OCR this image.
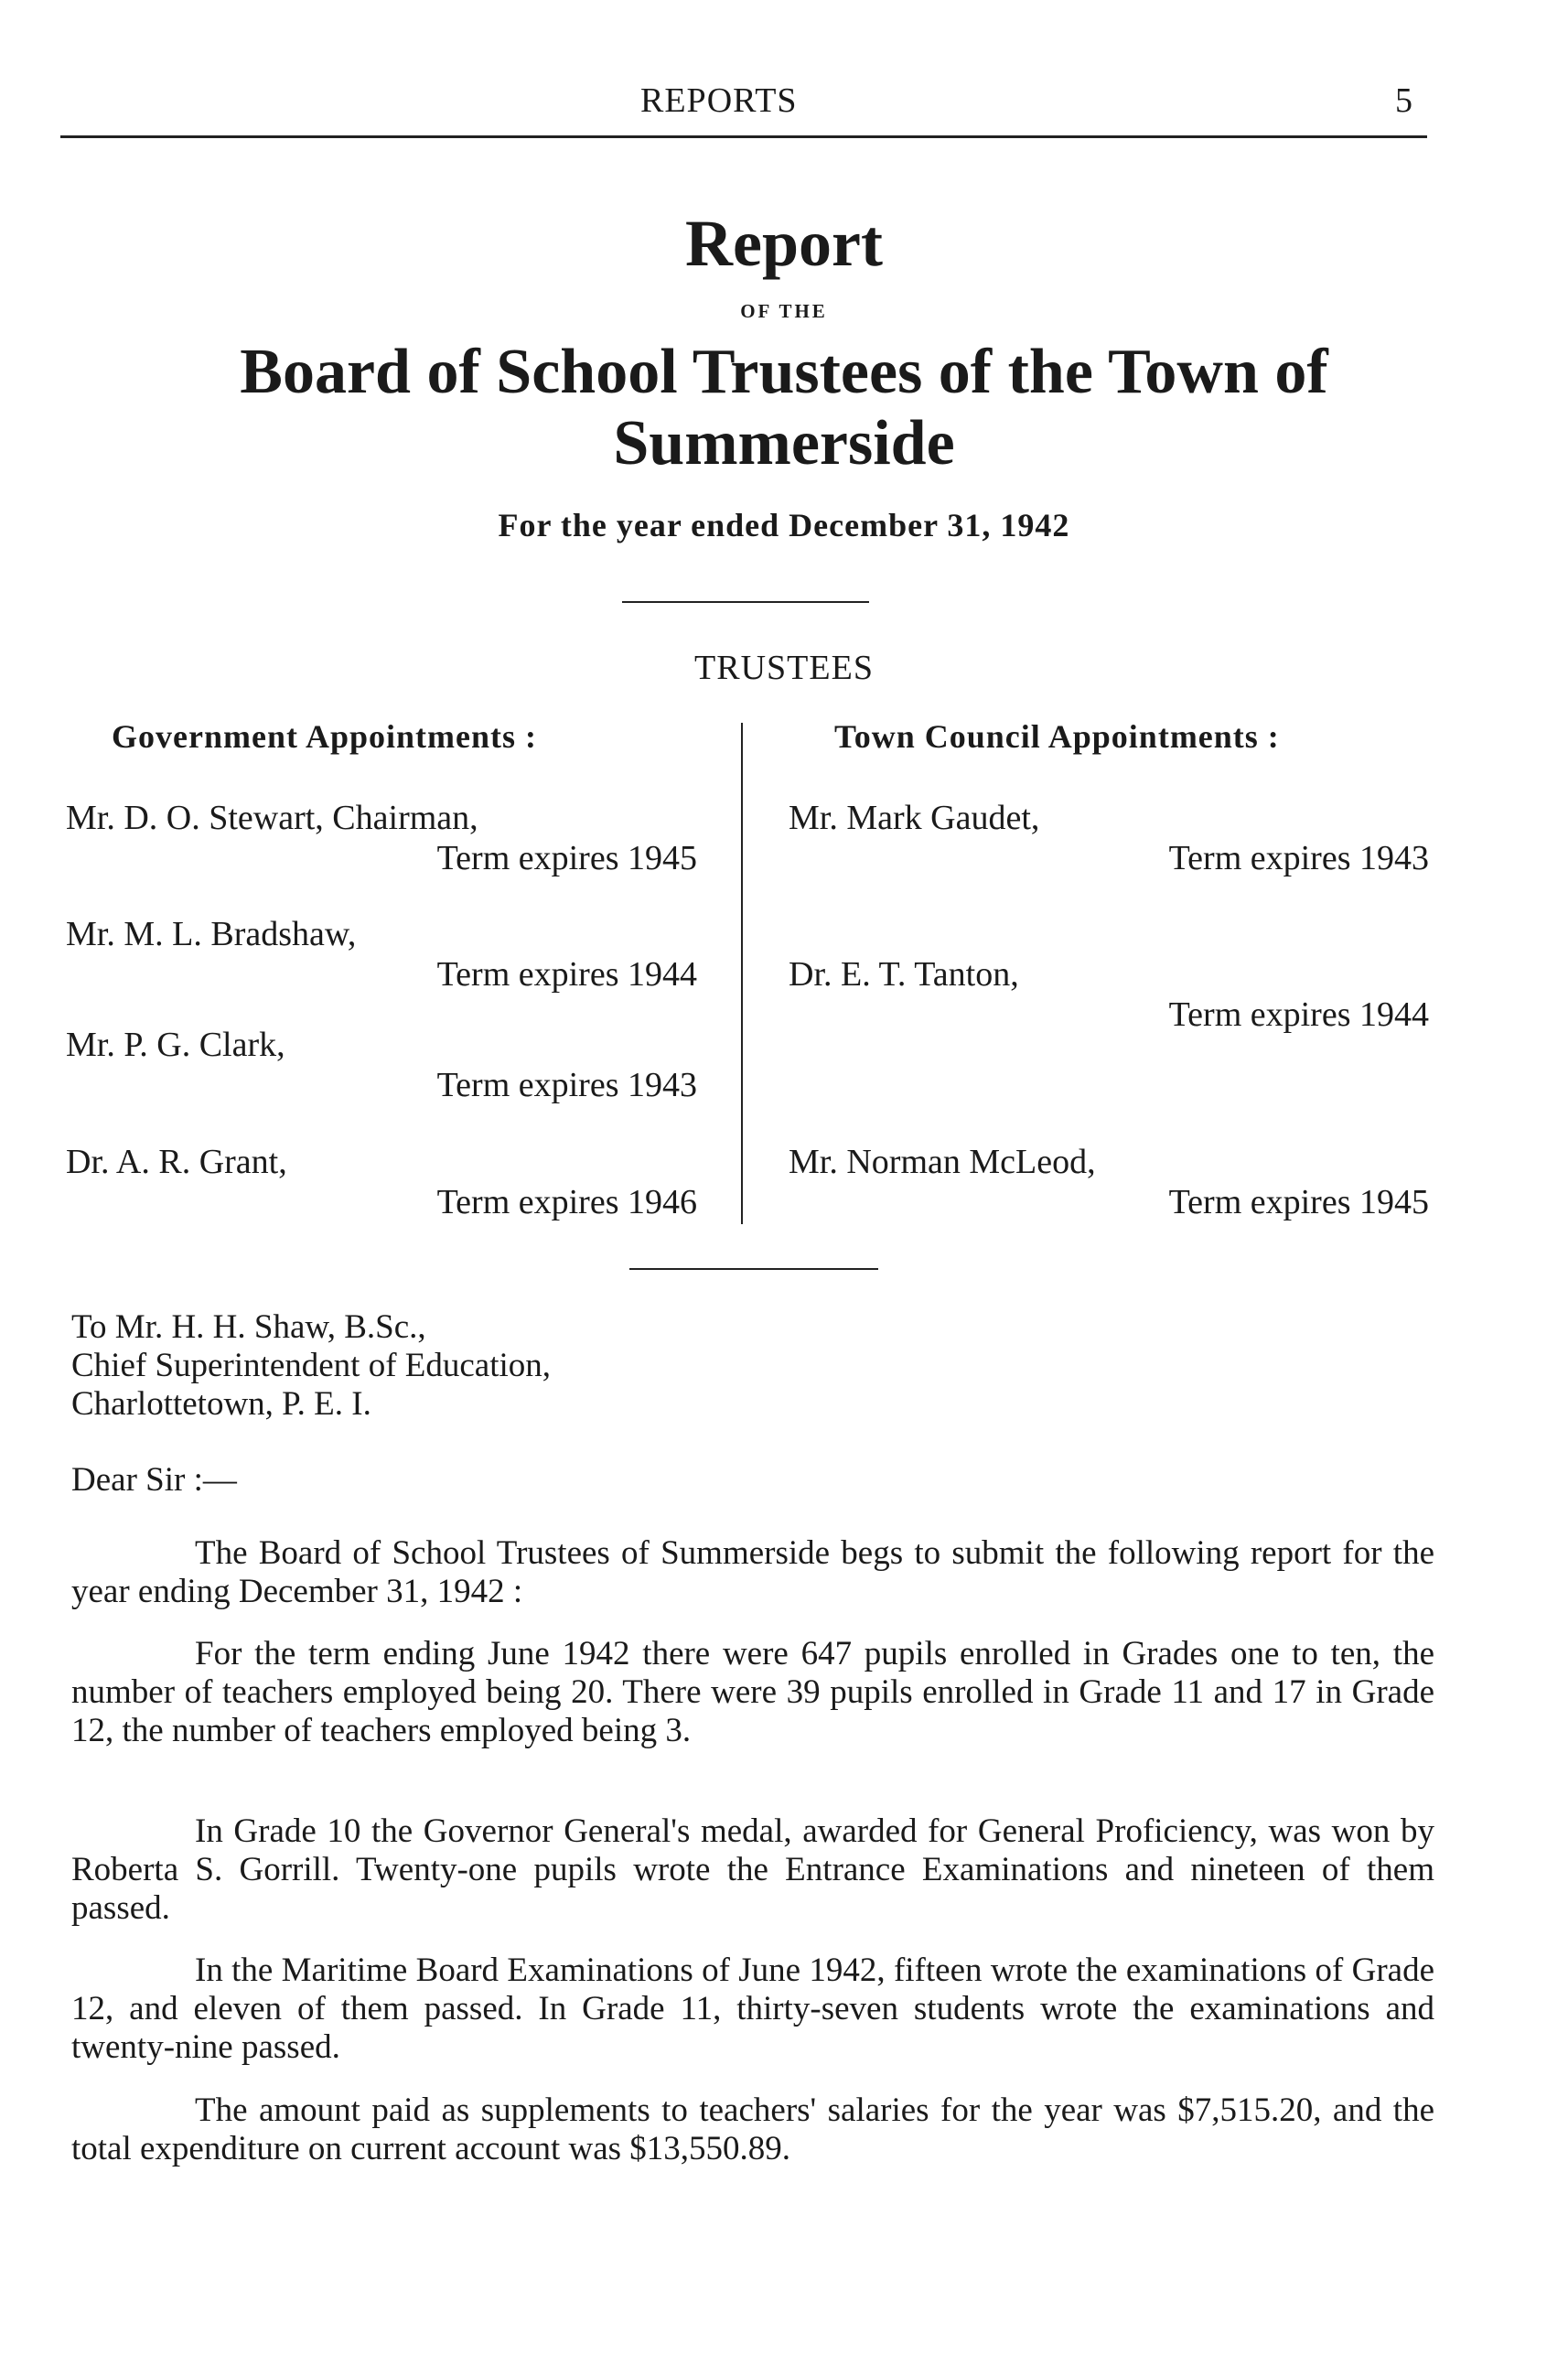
REPORTS	5
Report
OF THE
Board of School Trustees of the Town of
Summerside
For the year ended December 31, 1942
TRUSTEES
Government Appointments :	Town Council Appointments :
Mr. D. O. Stewart, Chairman,
Term expires 1945
Mr. M. L. Bradshaw,
Term expires 1944
Mr. P. G. Clark,
Term expires 1943
Dr. A. R. Grant,
Term expires 1946
Mr. Mark Gaudet,
Term expires 1943
Dr. E. T. Tanton,
Term expires 1944
Mr. Norman McLeod,
Term expires 1945
To Mr. H. H. Shaw, B.Sc.,
Chief Superintendent of Education,
Charlottetown, P. E. I.
Dear Sir :—

The Board of School Trustees of Summerside begs to submit the following report for the year ending December 31, 1942 :

For the term ending June 1942 there were 647 pupils enrolled in Grades one to ten, the number of teachers employed being 20. There were 39 pupils enrolled in Grade 11 and 17 in Grade 12, the number of teachers employed being 3.

In Grade 10 the Governor General's medal, awarded for General Proficiency, was won by Roberta S. Gorrill. Twenty-one pupils wrote the Entrance Examinations and nineteen of them passed.

In the Maritime Board Examinations of June 1942, fifteen wrote the examinations of Grade 12, and eleven of them passed. In Grade 11, thirty-seven students wrote the examinations and twenty-nine passed.

The amount paid as supplements to teachers' salaries for the year was $7,515.20, and the total expenditure on current account was $13,550.89.
